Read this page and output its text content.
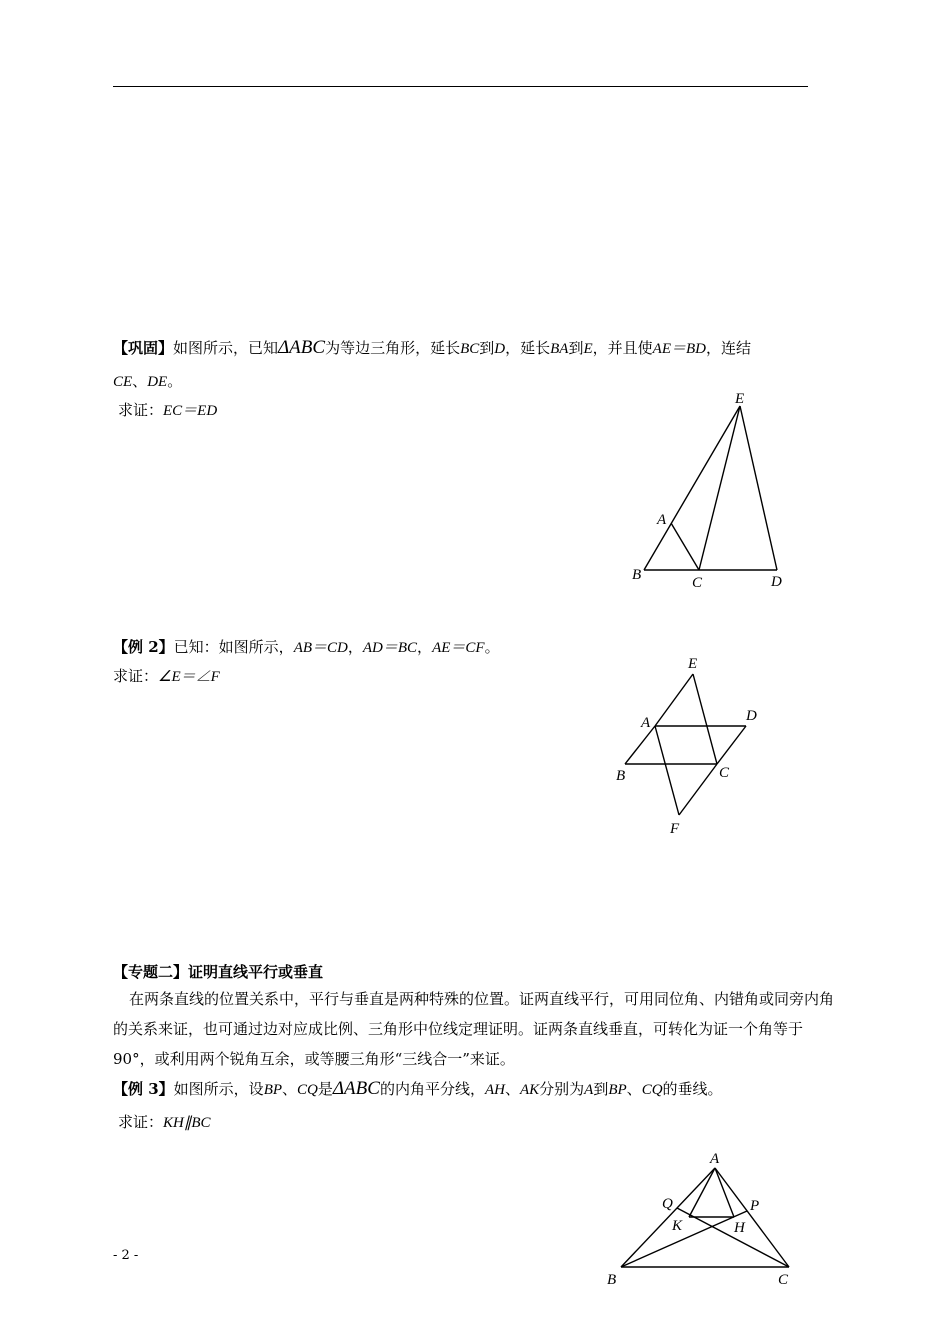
【巩固】如图所示，已知ΔABC为等边三角形，延长BC到D，延长BA到E，并且使AE＝BD，连结
CE、DE。
求证：EC＝ED
E
A
B	C	D
【例 2】已知：如图所示，AB＝CD，AD＝BC，AE＝CF。
求证：∠E＝∠F
E
A	D
B	C
F
【专题二】证明直线平行或垂直
在两条直线的位置关系中，平行与垂直是两种特殊的位置。证两直线平行，可用同位角、内错角或同旁内角的关系来证，也可通过边对应成比例、三角形中位线定理证明。证两条直线垂直，可转化为证一个角等于90°，或利用两个锐角互余，或等腰三角形“三线合一”来证。
【例 3】如图所示，设BP、CQ是ΔABC的内角平分线，AH、AK分别为A到BP、CQ的垂线。
求证：KH∥BC
A
Q	P
K	H
B	C
- 2 -
